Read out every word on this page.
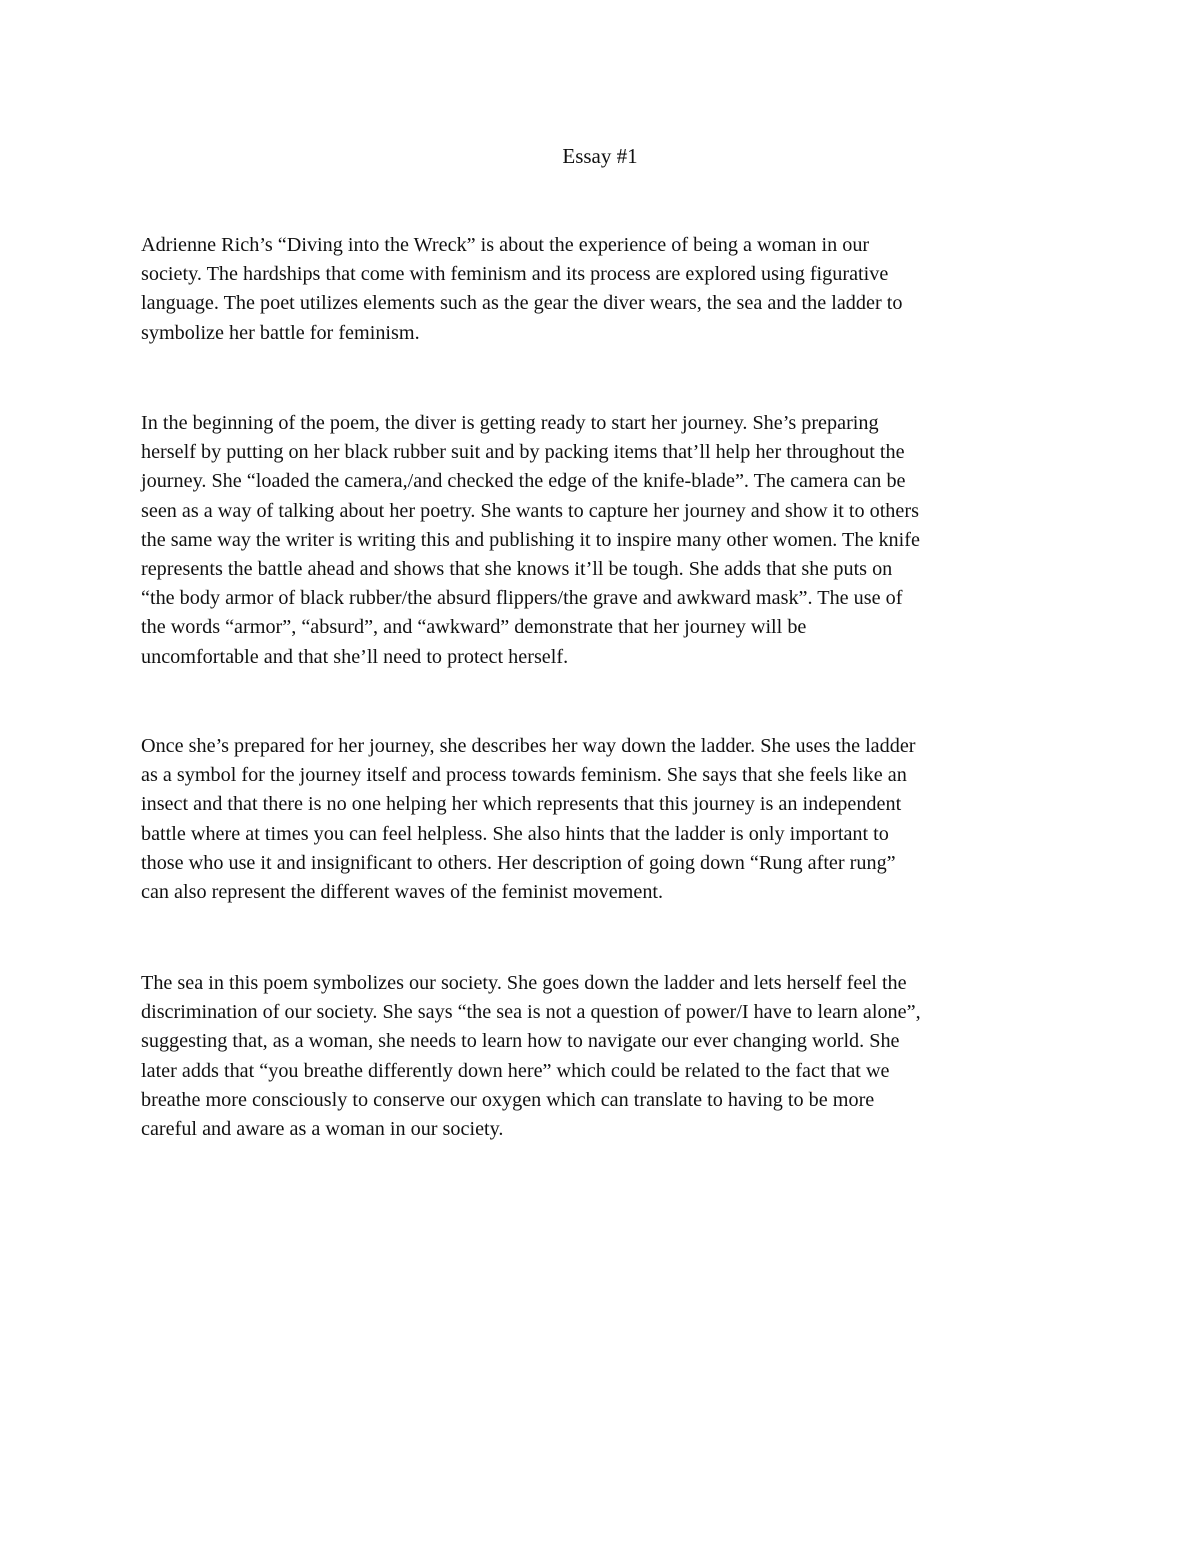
Essay #1
Adrienne Rich’s “Diving into the Wreck” is about the experience of being a woman in our
society. The hardships that come with feminism and its process are explored using figurative
language. The poet utilizes elements such as the gear the diver wears, the sea and the ladder to
symbolize her battle for feminism.
In the beginning of the poem, the diver is getting ready to start her journey. She’s preparing
herself by putting on her black rubber suit and by packing items that’ll help her throughout the
journey. She “loaded the camera,/and checked the edge of the knife-blade”. The camera can be
seen as a way of talking about her poetry. She wants to capture her journey and show it to others
the same way the writer is writing this and publishing it to inspire many other women. The knife
represents the battle ahead and shows that she knows it’ll be tough. She adds that she puts on
“the body armor of black rubber/the absurd flippers/the grave and awkward mask”. The use of
the words “armor”, “absurd”, and “awkward” demonstrate that her journey will be
uncomfortable and that she’ll need to protect herself.
Once she’s prepared for her journey, she describes her way down the ladder. She uses the ladder
as a symbol for the journey itself and process towards feminism. She says that she feels like an
insect and that there is no one helping her which represents that this journey is an independent
battle where at times you can feel helpless. She also hints that the ladder is only important to
those who use it and insignificant to others. Her description of going down “Rung after rung”
can also represent the different waves of the feminist movement.
The sea in this poem symbolizes our society. She goes down the ladder and lets herself feel the
discrimination of our society. She says “the sea is not a question of power/I have to learn alone”,
suggesting that, as a woman, she needs to learn how to navigate our ever changing world. She
later adds that “you breathe differently down here” which could be related to the fact that we
breathe more consciously to conserve our oxygen which can translate to having to be more
careful and aware as a woman in our society.
